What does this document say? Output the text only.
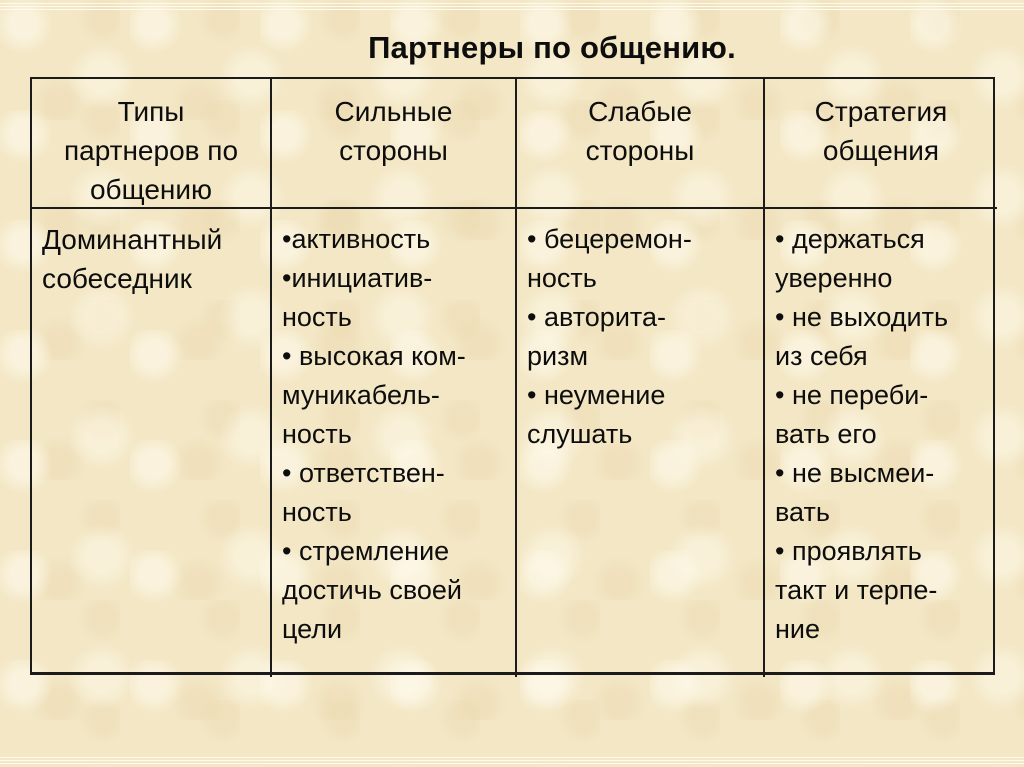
Партнеры по общению.
Типы
партнеров по
общению
Сильные
стороны
Слабые
стороны
Стратегия
общения
Доминантный
собеседник
•активность
•инициатив-
ность
• высокая ком-
муникабель-
ность
• ответствен-
ность
• стремление
достичь своей
цели
• бецеремон-
ность
• авторита-
ризм
• неумение
слушать
• держаться
уверенно
• не выходить
из себя
• не переби-
вать его
• не высмеи-
вать
• проявлять
такт и терпе-
ние
